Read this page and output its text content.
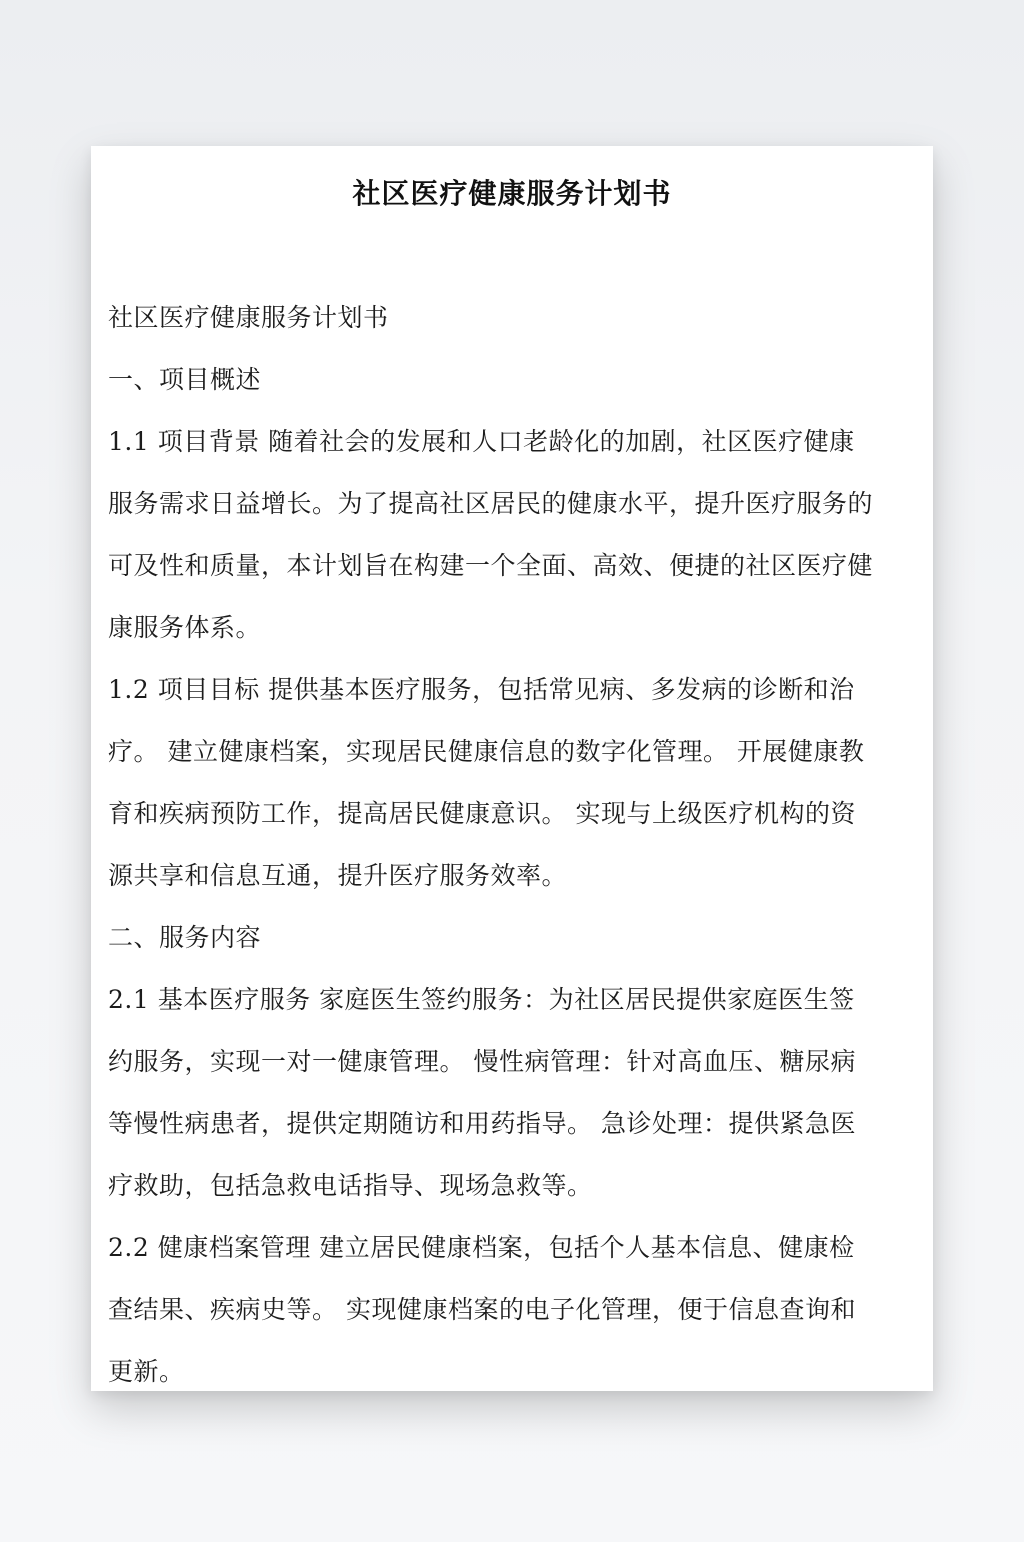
社区医疗健康服务计划书
社区医疗健康服务计划书
一、项目概述
1.1 项目背景 随着社会的发展和人口老龄化的加剧，社区医疗健康
服务需求日益增长。为了提高社区居民的健康水平，提升医疗服务的
可及性和质量，本计划旨在构建一个全面、高效、便捷的社区医疗健
康服务体系。
1.2 项目目标 提供基本医疗服务，包括常见病、多发病的诊断和治
疗。 建立健康档案，实现居民健康信息的数字化管理。 开展健康教
育和疾病预防工作，提高居民健康意识。 实现与上级医疗机构的资
源共享和信息互通，提升医疗服务效率。
二、服务内容
2.1 基本医疗服务 家庭医生签约服务：为社区居民提供家庭医生签
约服务，实现一对一健康管理。 慢性病管理：针对高血压、糖尿病
等慢性病患者，提供定期随访和用药指导。 急诊处理：提供紧急医
疗救助，包括急救电话指导、现场急救等。
2.2 健康档案管理 建立居民健康档案，包括个人基本信息、健康检
查结果、疾病史等。 实现健康档案的电子化管理，便于信息查询和
更新。
